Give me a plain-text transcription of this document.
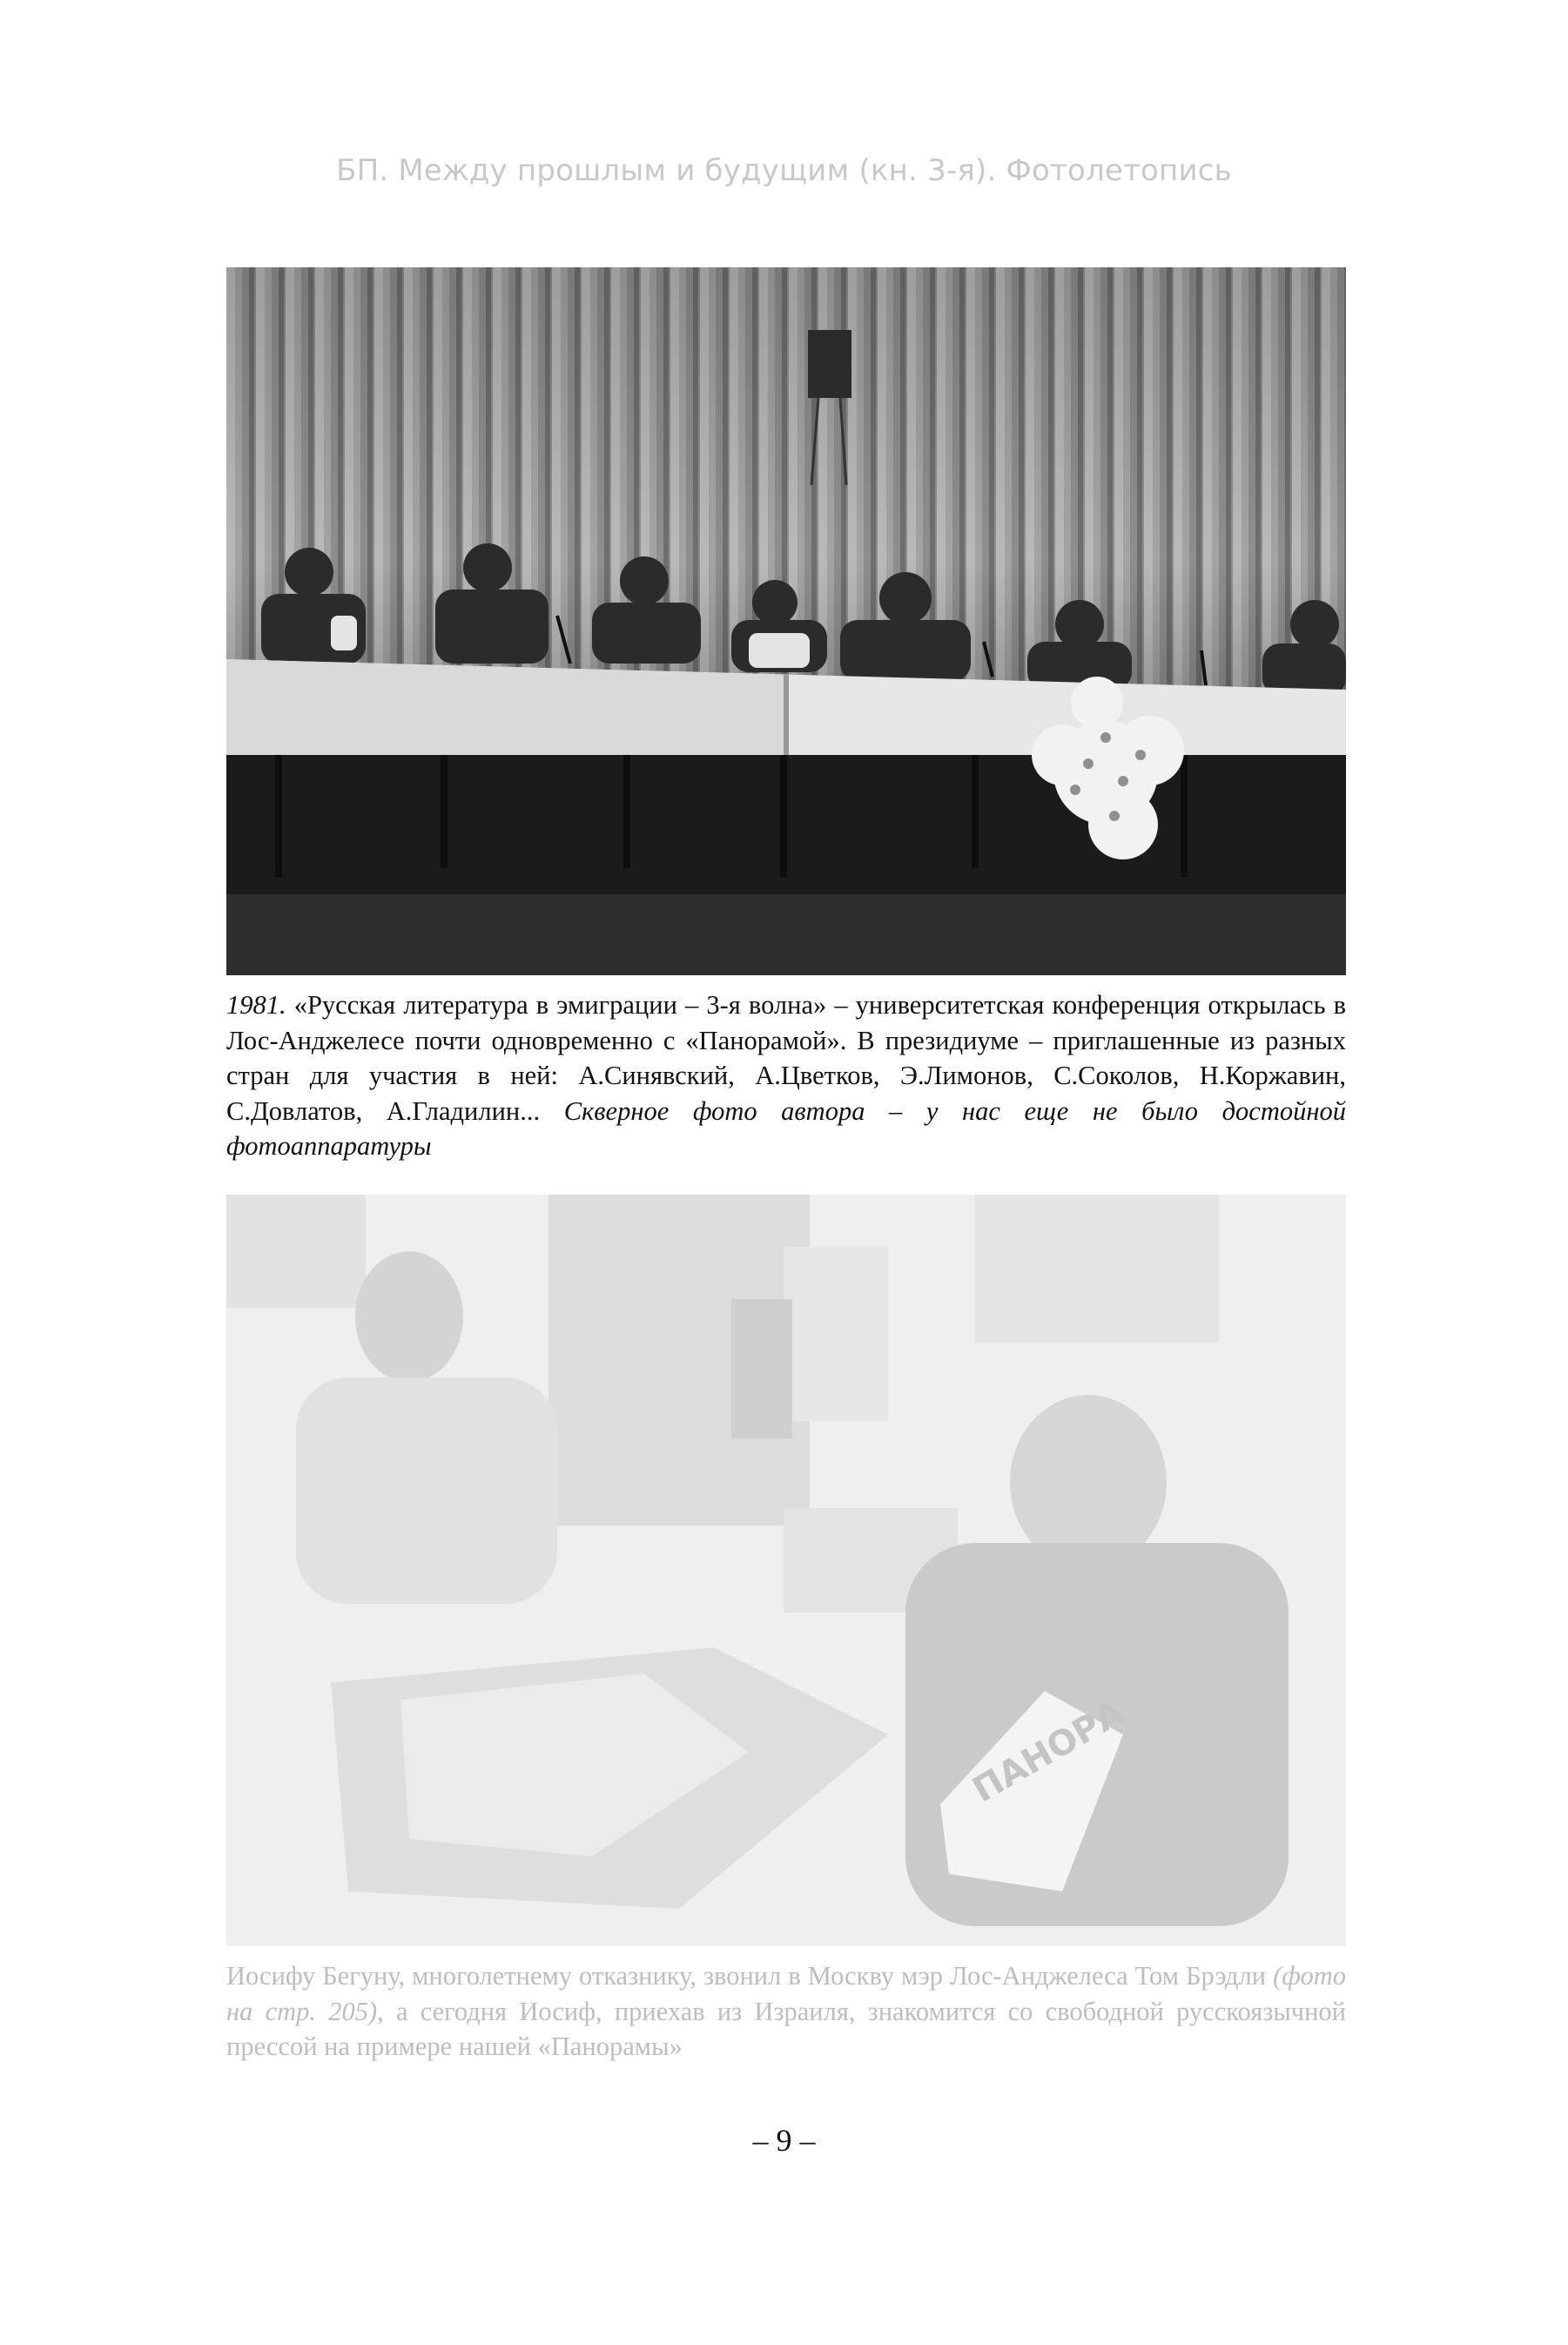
БП. Между прошлым и будущим (кн. 3-я). Фотолетопись
1981. «Русская литература в эмиграции – 3-я волна» – университетская конференция открылась в Лос-Анджелесе почти одновременно с «Панорамой». В президиуме – приглашенные из разных стран для участия в ней: А.Синявский, А.Цветков, Э.Лимонов, С.Соколов, Н.Коржавин, С.Довлатов, А.Гладилин... Скверное фото автора – у нас еще не было достойной фотоаппаратуры
ПАНОРА
Иосифу Бегуну, многолетнему отказнику, звонил в Москву мэр Лос-Анджелеса Том Брэдли (фото на стр. 205), а сегодня Иосиф, приехав из Израиля, знакомится со свободной русскоязычной прессой на примере нашей «Панорамы»
– 9 –
